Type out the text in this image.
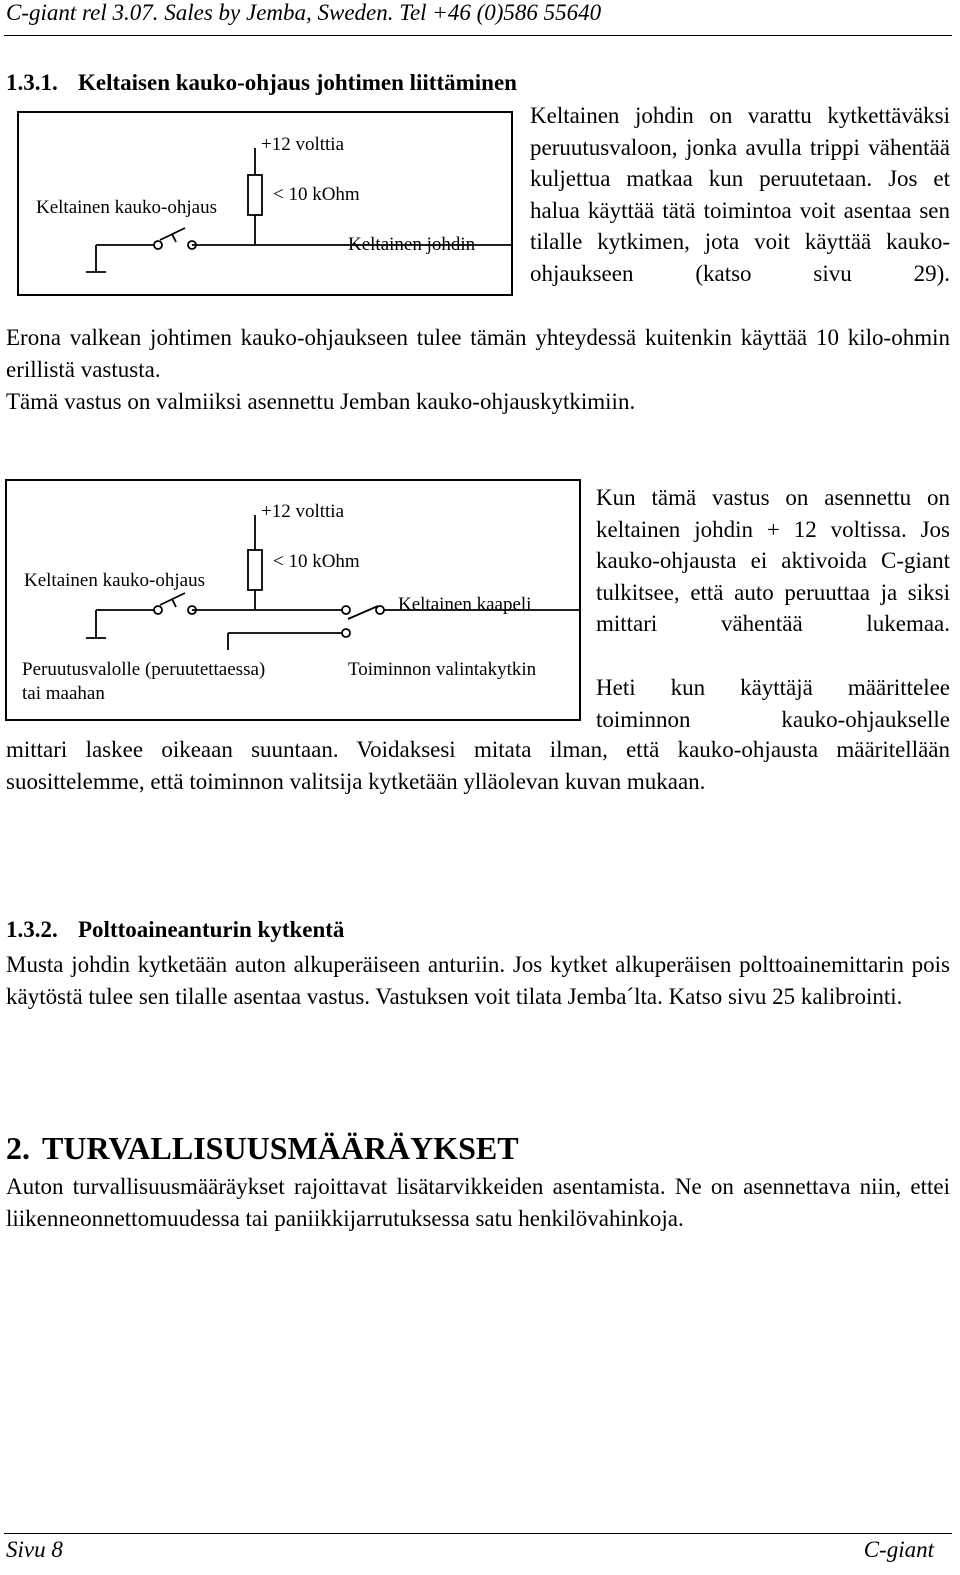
C-giant rel 3.07. Sales by Jemba, Sweden. Tel +46 (0)586 55640
1.3.1. Keltaisen kauko-ohjaus johtimen liittäminen
Keltainen kauko-ohjaus
+12 volttia
< 10 kOhm
Keltainen johdin
Keltainen johdin on varattu kytkettäväksi peruutusvaloon, jonka avulla trippi vähentää kuljettua matkaa kun peruutetaan. Jos et halua käyttää tätä toimintoa voit asentaa sen tilalle kytkimen, jota voit käyttää kauko-ohjaukseen (katso sivu 29).
Erona valkean johtimen kauko-ohjaukseen tulee tämän yhteydessä kuitenkin käyttää 10 kilo-ohmin erillistä vastusta.
Tämä vastus on valmiiksi asennettu Jemban kauko-ohjauskytkimiin.
Keltainen kauko-ohjaus
+12 volttia
< 10 kOhm
Keltainen kaapeli
Peruutusvalolle (peruutettaessa)
tai maahan
Toiminnon valintakytkin
Kun tämä vastus on asennettu on keltainen johdin + 12 voltissa. Jos kauko-ohjausta ei aktivoida C-giant tulkitsee, että auto peruuttaa ja siksi mittari vähentää lukemaa.
Heti kun käyttäjä määrittelee toiminnon kauko-ohjaukselle
mittari laskee oikeaan suuntaan. Voidaksesi mitata ilman, että kauko-ohjausta määritellään suosittelemme, että toiminnon valitsija kytketään ylläolevan kuvan mukaan.
1.3.2. Polttoaineanturin kytkentä
Musta johdin kytketään auton alkuperäiseen anturiin. Jos kytket alkuperäisen polttoainemittarin pois käytöstä tulee sen tilalle asentaa vastus. Vastuksen voit tilata Jemba´lta. Katso sivu 25 kalibrointi.
2. TURVALLISUUSMÄÄRÄYKSET
Auton turvallisuusmääräykset rajoittavat lisätarvikkeiden asentamista. Ne on asennettava niin, ettei liikenneonnettomuudessa tai paniikkijarrutuksessa satu henkilövahinkoja.
Sivu 8	C-giant
